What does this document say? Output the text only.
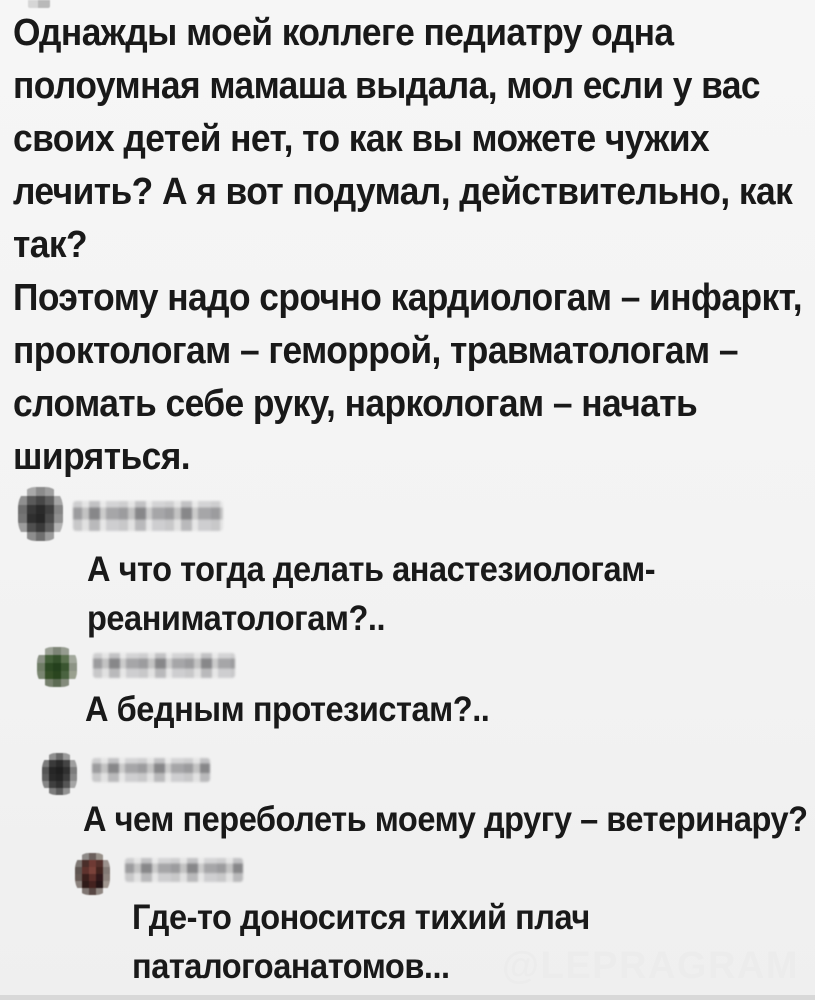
Однажды моей коллеге педиатру одна
полоумная мамаша выдала, мол если у вас
своих детей нет, то как вы можете чужих
лечить? А я вот подумал, действительно, как
так?
Поэтому надо срочно кардиологам – инфаркт,
проктологам – геморрой, травматологам –
сломать себе руку, наркологам – начать
ширяться.
А что тогда делать анастезиологам-
реаниматологам?..
А бедным протезистам?..
А чем переболеть моему другу – ветеринару?
Где-то доносится тихий плач
паталогоанатомов...	@LEPRAGRAM
